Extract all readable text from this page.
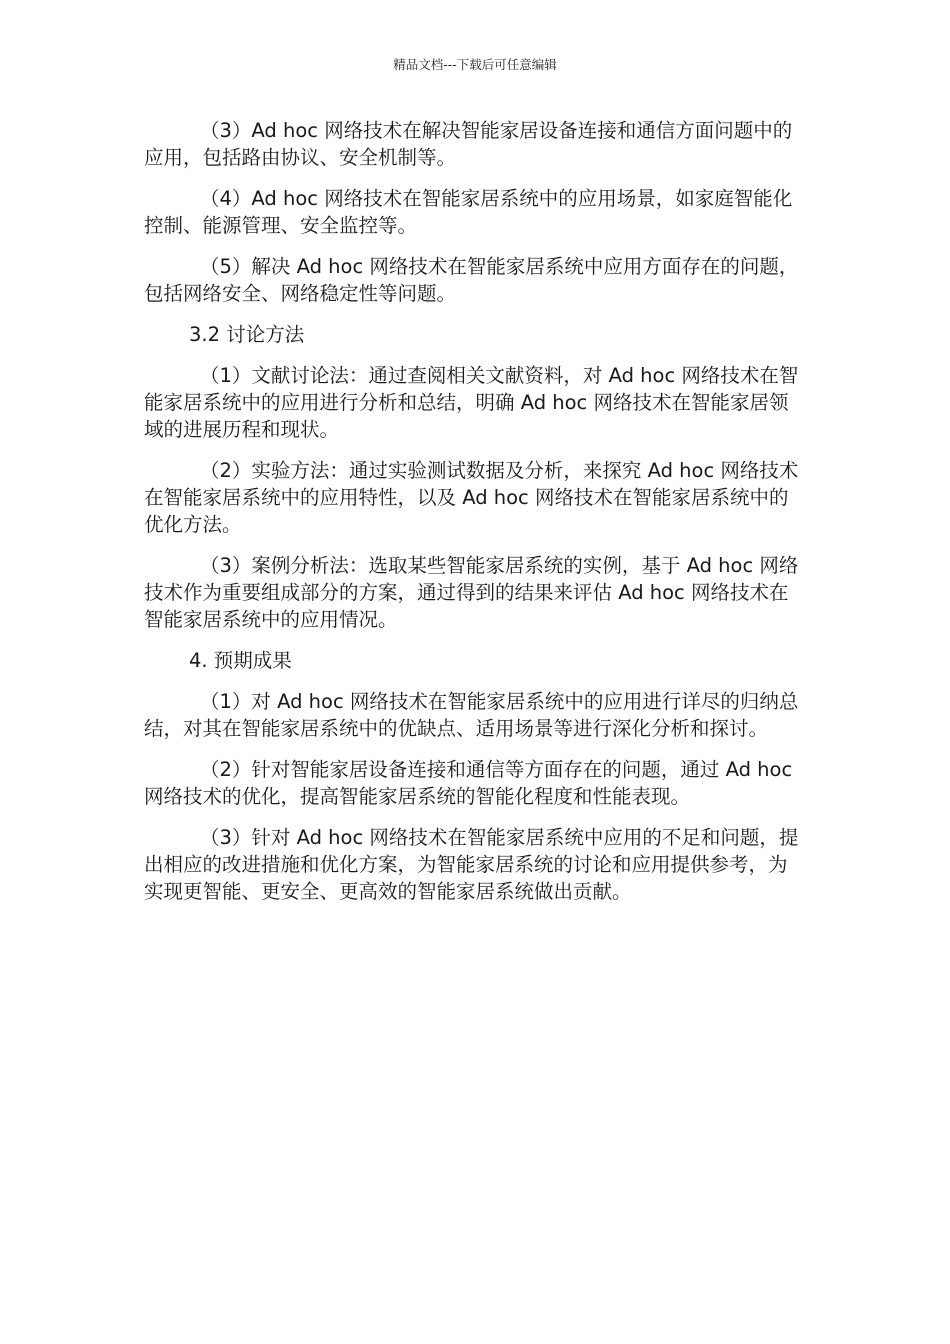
精品文档---下载后可任意编辑

（3）Ad hoc 网络技术在解决智能家居设备连接和通信方面问题中的应用，包括路由协议、安全机制等。

（4）Ad hoc 网络技术在智能家居系统中的应用场景，如家庭智能化控制、能源管理、安全监控等。

（5）解决 Ad hoc 网络技术在智能家居系统中应用方面存在的问题，包括网络安全、网络稳定性等问题。

3.2 讨论方法

（1）文献讨论法：通过查阅相关文献资料，对 Ad hoc 网络技术在智能家居系统中的应用进行分析和总结，明确 Ad hoc 网络技术在智能家居领域的进展历程和现状。

（2）实验方法：通过实验测试数据及分析，来探究 Ad hoc 网络技术在智能家居系统中的应用特性，以及 Ad hoc 网络技术在智能家居系统中的优化方法。

（3）案例分析法：选取某些智能家居系统的实例，基于 Ad hoc 网络技术作为重要组成部分的方案，通过得到的结果来评估 Ad hoc 网络技术在智能家居系统中的应用情况。

4. 预期成果

（1）对 Ad hoc 网络技术在智能家居系统中的应用进行详尽的归纳总结，对其在智能家居系统中的优缺点、适用场景等进行深化分析和探讨。

（2）针对智能家居设备连接和通信等方面存在的问题，通过 Ad hoc 网络技术的优化，提高智能家居系统的智能化程度和性能表现。

（3）针对 Ad hoc 网络技术在智能家居系统中应用的不足和问题，提出相应的改进措施和优化方案，为智能家居系统的讨论和应用提供参考，为实现更智能、更安全、更高效的智能家居系统做出贡献。
